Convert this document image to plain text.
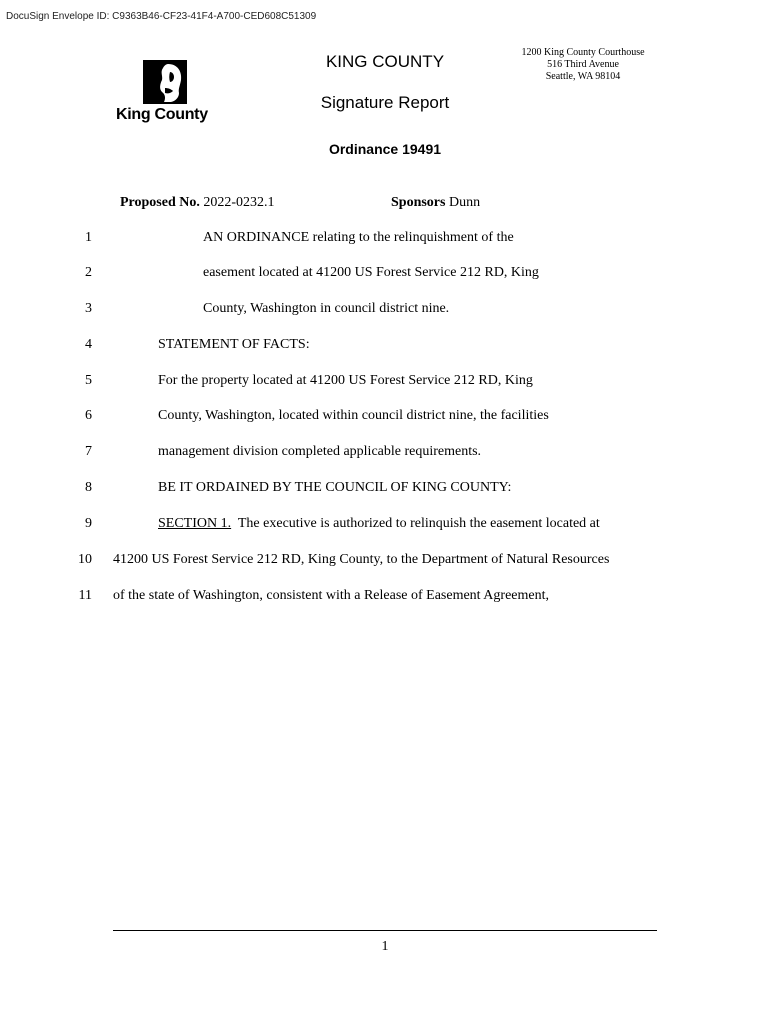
DocuSign Envelope ID: C9363B46-CF23-41F4-A700-CED608C51309
King County
KING COUNTY
Signature Report
Ordinance 19491
1200 King County Courthouse
516 Third Avenue
Seattle, WA 98104
Proposed No. 2022-0232.1	Sponsors Dunn
1	AN ORDINANCE relating to the relinquishment of the
2	easement located at 41200 US Forest Service 212 RD, King
3	County, Washington in council district nine.
4	STATEMENT OF FACTS:
5	For the property located at 41200 US Forest Service 212 RD, King
6	County, Washington, located within council district nine, the facilities
7	management division completed applicable requirements.
8	BE IT ORDAINED BY THE COUNCIL OF KING COUNTY:
9	SECTION 1. The executive is authorized to relinquish the easement located at
10 41200 US Forest Service 212 RD, King County, to the Department of Natural Resources
11 of the state of Washington, consistent with a Release of Easement Agreement,
1
